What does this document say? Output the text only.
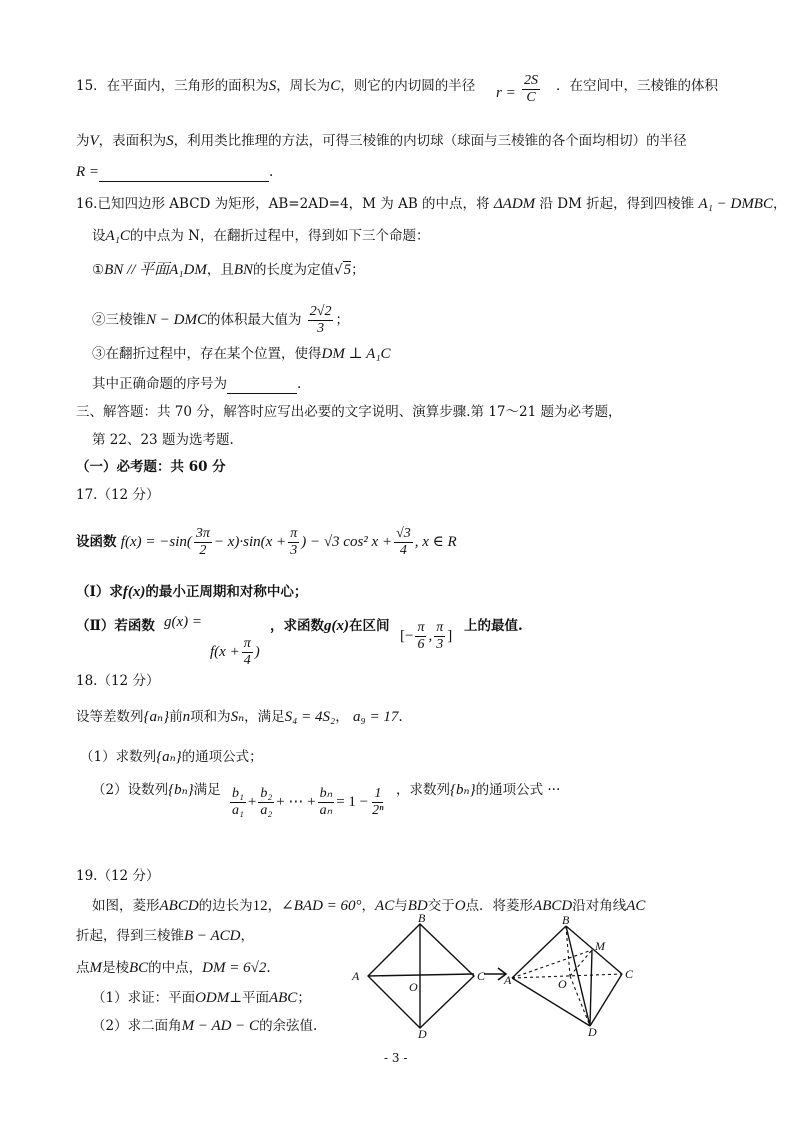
15．在平面内，三角形的面积为S，周长为C，则它的内切圆的半径 $r = \frac{2S}{C}$ ．在空间中，三棱锥的体积
为V，表面积为S，利用类比推理的方法，可得三棱锥的内切球（球面与三棱锥的各个面均相切）的半径
R =	.
16.已知四边形 ABCD 为矩形，AB=2AD=4，M 为 AB 的中点，将 ΔADM 沿 DM 折起，得到四棱锥 A₁ − DMBC，
设A₁C的中点为 N，在翻折过程中，得到如下三个命题：
①BN // 平面A₁DM，且BN的长度为定值√5；
②三棱锥N − DMC的体积最大值为 $\frac{2√2}{3}$ ；
③在翻折过程中，存在某个位置，使得DM ⊥ A₁C
其中正确命题的序号为	.
三、解答题：共 70 分，解答时应写出必要的文字说明、演算步骤.第 17～21 题为必考题，
第 22、23 题为选考题.
（一）必考题：共 60 分
17.（12 分）
设函数 $f(x) = -\sin( \frac{3\pi}{2} - x)\cdot\sin(x + \frac{\pi}{3}$ ) − √3 cos² $x + \frac{√3}{4}$ , x ∈ R
（Ⅰ）求f(x)的最小正周期和对称中心；
（Ⅱ）若函数 g(x) =
$f(x + \frac{\pi}{4}$ )
，求函数g(x)在区间
[− $\frac{\pi}{6}$ , $\frac{\pi}{3}$ ]
上的最值.
18.（12 分）
设等差数列{aₙ}前n项和为Sₙ，满足S₄ = 4S₂， a₉ = 17.
（1）求数列{aₙ}的通项公式；
（2）设数列{bₙ}满足 $\frac{\text{b₁}}{\text{a₁}} + \frac{\text{b₂}}{\text{a₂}}$ + ⋯ + $\frac{\text{bₙ}}{\text{aₙ}} = 1 - \frac{1}{\text{2ⁿ}}$ ，求数列{bₙ}的通项公式 ···
19.（12 分）
如图，菱形ABCD的边长为12，∠BAD = 60°，AC与BD交于O点．将菱形ABCD沿对角线AC
折起，得到三棱锥B − ACD，
点M是棱BC的中点，DM = 6√2.
（1）求证：平面ODM⊥平面ABC；
（2）求二面角M − AD − C的余弦值.
A
B
C
D
O	A
B
C
D
O
M
- 3 -
